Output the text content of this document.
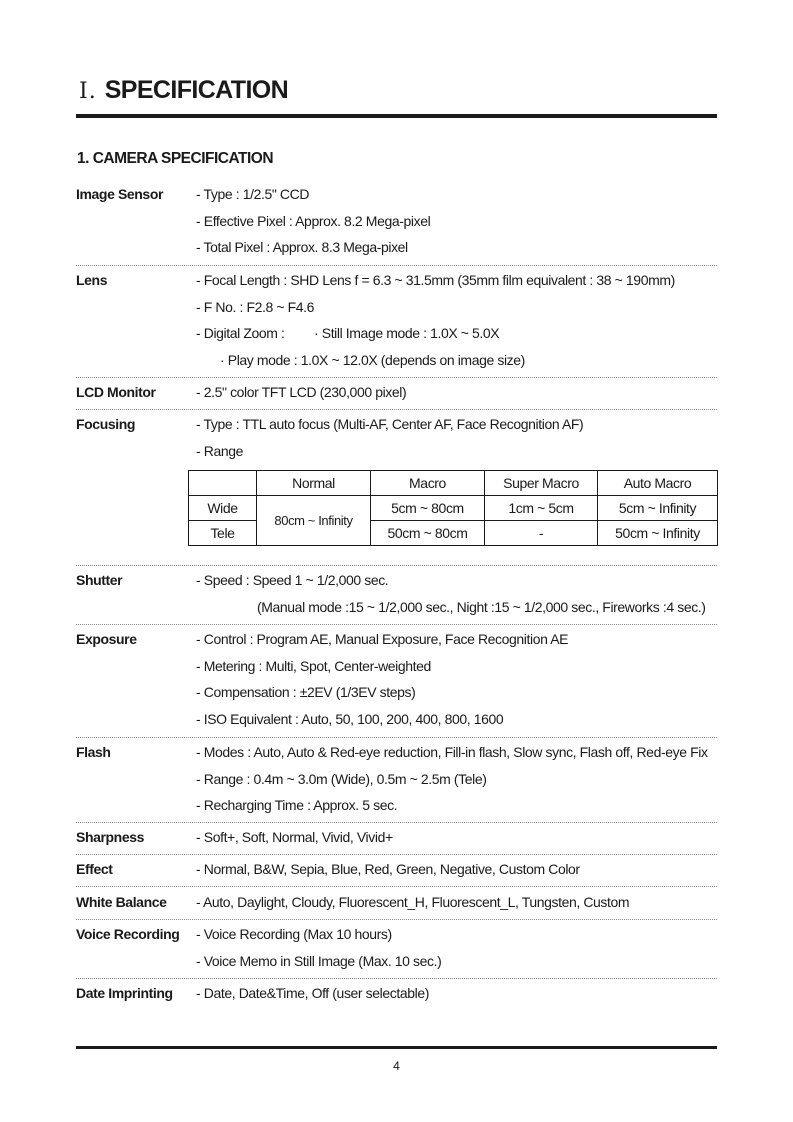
Ⅰ. SPECIFICATION
1. CAMERA SPECIFICATION
Image Sensor - Type : 1/2.5" CCD
- Effective Pixel : Approx. 8.2 Mega-pixel
- Total Pixel : Approx. 8.3 Mega-pixel
Lens	- Focal Length : SHD Lens f = 6.3 ~ 31.5mm (35mm film equivalent : 38 ~ 190mm)
- F No. : F2.8 ~ F4.6
- Digital Zoom : · Still Image mode : 1.0X ~ 5.0X
· Play mode : 1.0X ~ 12.0X (depends on image size)
LCD Monitor	- 2.5" color TFT LCD (230,000 pixel)
Focusing	- Type : TTL auto focus (Multi-AF, Center AF, Face Recognition AF)
- Range
	Normal	Macro	Super Macro	Auto Macro
Wide	80cm ~ Infinity	5cm ~ 80cm	1cm ~ 5cm	5cm ~ Infinity
Tele		50cm ~ 80cm	-	50cm ~ Infinity
Shutter	- Speed : Speed 1 ~ 1/2,000 sec.
(Manual mode :15 ~ 1/2,000 sec., Night :15 ~ 1/2,000 sec., Fireworks :4 sec.)
Exposure	- Control : Program AE, Manual Exposure, Face Recognition AE
- Metering : Multi, Spot, Center-weighted
- Compensation : ±2EV (1/3EV steps)
- ISO Equivalent : Auto, 50, 100, 200, 400, 800, 1600
Flash	- Modes : Auto, Auto & Red-eye reduction, Fill-in flash, Slow sync, Flash off, Red-eye Fix
- Range : 0.4m ~ 3.0m (Wide), 0.5m ~ 2.5m (Tele)
- Recharging Time : Approx. 5 sec.
Sharpness	- Soft+, Soft, Normal, Vivid, Vivid+
Effect	- Normal, B&W, Sepia, Blue, Red, Green, Negative, Custom Color
White Balance - Auto, Daylight, Cloudy, Fluorescent_H, Fluorescent_L, Tungsten, Custom
Voice Recording - Voice Recording (Max 10 hours)
- Voice Memo in Still Image (Max. 10 sec.)
Date Imprinting - Date, Date&Time, Off (user selectable)
4
